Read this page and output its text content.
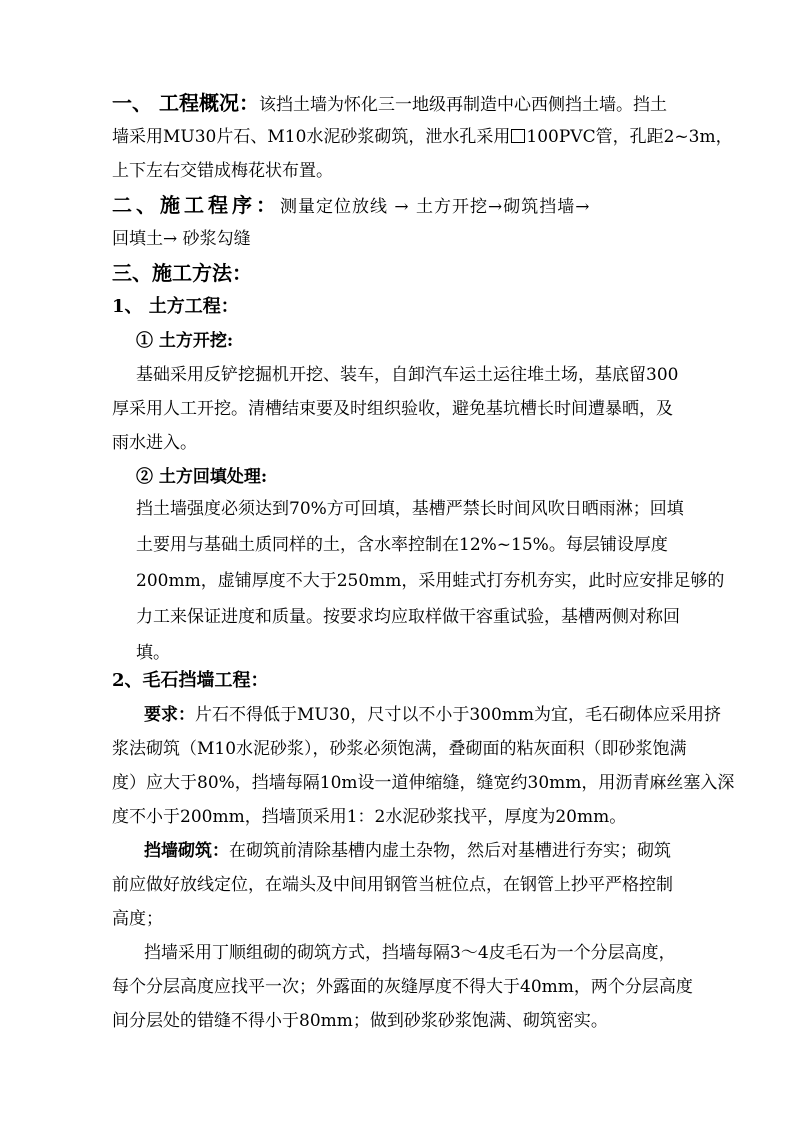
一、 工程概况：该挡土墙为怀化三一地级再制造中心西侧挡土墙。挡土
墙采用MU30片石、M10水泥砂浆砌筑，泄水孔采用 100PVC管，孔距2~3m，
上下左右交错成梅花状布置。
二、施工程序：测量定位放线 → 土方开挖→砌筑挡墙→
回填土→ 砂浆勾缝
三、施工方法：
1、 土方工程：
① 土方开挖:
基础采用反铲挖掘机开挖、装车，自卸汽车运土运往堆土场，基底留300
厚采用人工开挖。清槽结束要及时组织验收，避免基坑槽长时间遭暴晒，及
雨水进入。
② 土方回填处理:
挡土墙强度必须达到70%方可回填，基槽严禁长时间风吹日晒雨淋；回填
土要用与基础土质同样的土，含水率控制在12%~15%。每层铺设厚度
200mm，虚铺厚度不大于250mm，采用蛙式打夯机夯实，此时应安排足够的
力工来保证进度和质量。按要求均应取样做干容重试验，基槽两侧对称回
填。
2、毛石挡墙工程：
要求：片石不得低于MU30，尺寸以不小于300mm为宜，毛石砌体应采用挤
浆法砌筑（M10水泥砂浆），砂浆必须饱满，叠砌面的粘灰面积（即砂浆饱满
度）应大于80%，挡墙每隔10m设一道伸缩缝，缝宽约30mm，用沥青麻丝塞入深
度不小于200mm，挡墙顶采用1：2水泥砂浆找平，厚度为20mm。
挡墙砌筑：在砌筑前清除基槽内虚土杂物，然后对基槽进行夯实；砌筑
前应做好放线定位，在端头及中间用钢管当桩位点，在钢管上抄平严格控制
高度；
挡墙采用丁顺组砌的砌筑方式，挡墙每隔3～4皮毛石为一个分层高度，
每个分层高度应找平一次；外露面的灰缝厚度不得大于40mm，两个分层高度
间分层处的错缝不得小于80mm；做到砂浆砂浆饱满、砌筑密实。
